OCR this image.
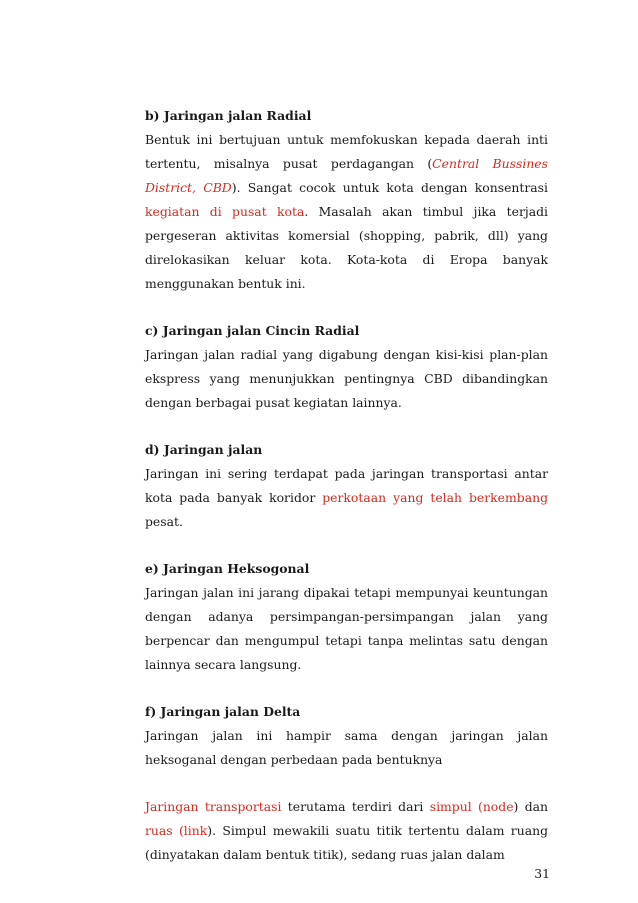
b) Jaringan jalan Radial

Bentuk ini bertujuan untuk memfokuskan kepada daerah inti tertentu, misalnya pusat perdagangan (Central Bussines District, CBD). Sangat cocok untuk kota dengan konsentrasi kegiatan di pusat kota. Masalah akan timbul jika terjadi pergeseran aktivitas komersial (shopping, pabrik, dll) yang direlokasikan keluar kota. Kota-kota di Eropa banyak menggunakan bentuk ini.

c) Jaringan jalan Cincin Radial

Jaringan jalan radial yang digabung dengan kisi-kisi plan-plan ekspress yang menunjukkan pentingnya CBD dibandingkan dengan berbagai pusat kegiatan lainnya.

d) Jaringan jalan

Jaringan ini sering terdapat pada jaringan transportasi antar kota pada banyak koridor perkotaan yang telah berkembang pesat.

e) Jaringan Heksogonal

Jaringan jalan ini jarang dipakai tetapi mempunyai keuntungan dengan adanya persimpangan-persimpangan jalan yang berpencar dan mengumpul tetapi tanpa melintas satu dengan lainnya secara langsung.

f) Jaringan jalan Delta

Jaringan jalan ini hampir sama dengan jaringan jalan heksoganal dengan perbedaan pada bentuknya

Jaringan transportasi terutama terdiri dari simpul (node) dan ruas (link). Simpul mewakili suatu titik tertentu dalam ruang (dinyatakan dalam bentuk titik), sedang ruas jalan dalam

31
